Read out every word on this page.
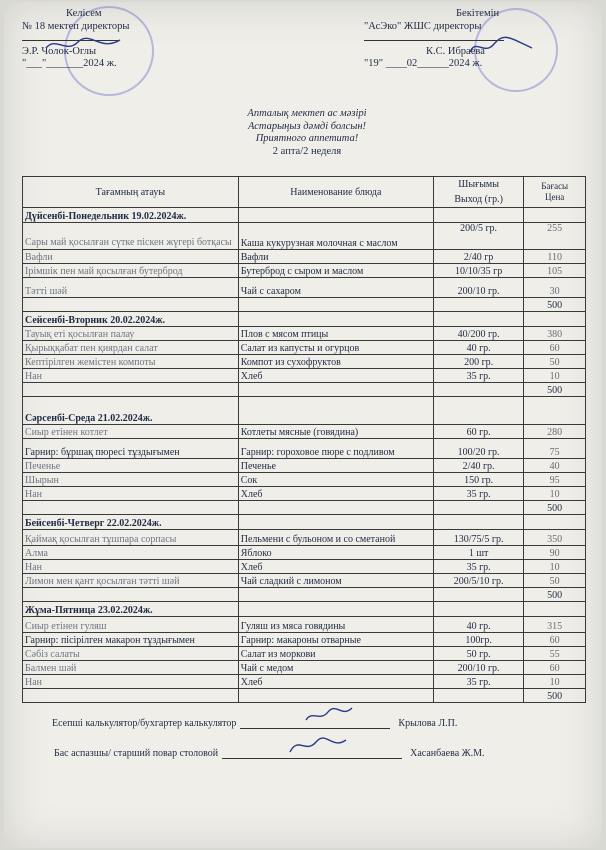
Келісем
№ 18 мектеп директоры
Э.Р. Чолок-Оглы
"___"_______2024 ж.
Бекітемін
"АсЭко" ЖШС директоры
К.С. Ибраева
"19" ____02______2024 ж.
Апталық мектеп ас мәзірі
Астарыңыз дәмді болсын!
Приятного аппетита!
2 апта/2 неделя
Тағамның атауы	Наименование блюда	Шығымы	Бағасы
Цена

		Выход (гр.)	
Дүйсенбі-Понедельник 19.02.2024ж.			
Сары май қосылған сүтке піскен жүгері ботқасы	Каша кукурузная молочная с маслом	200/5 гр.	255
Вафли	Вафли	2/40 гр	110
Ірімшік пен май қосылған бутерброд	Бутерброд с сыром и маслом	10/10/35 гр	105
Тәтті шәй	Чай с сахаром	200/10 гр.	30
			500
Сейсенбі-Вторник 20.02.2024ж.			
Тауық еті қосылған палау	Плов с мясом птицы	40/200 гр.	380
Қырыққабат пен қиярдан салат	Салат из капусты и огурцов	40 гр.	60
Кептірілген жемістен компоты	Компот из сухофруктов	200 гр.	50
Нан	Хлеб	35 гр.	10
			500
Сәрсенбі-Среда 21.02.2024ж.			
Сиыр етінен котлет	Котлеты мясные (говядина)	60 гр.	280
Гарнир: бұршақ пюресі тұздығымен	Гарнир: гороховое пюре с подливом	100/20 гр.	75
Печенье	Печенье	2/40 гр.	40
Шырын	Сок	150 гр.	95
Нан	Хлеб	35 гр.	10
			500
Бейсенбі-Четверг 22.02.2024ж.			
Қаймақ қосылған тұшпара сорпасы	Пельмени с бульоном и со сметаной	130/75/5 гр.	350
Алма	Яблоко	1 шт	90
Нан	Хлеб	35 гр.	10
Лимон мен қант қосылған тәтті шәй	Чай сладкий с лимоном	200/5/10 гр.	50
			500
Жұма-Пятница 23.02.2024ж.			
Сиыр етінен гуляш	Гуляш из мяса говядины	40 гр.	315
Гарнир: пісірілген макарон тұздығымен	Гарнир: макароны отварные	100гр.	60
Сәбіз салаты	Салат из моркови	50 гр.	55
Балмен шәй	Чай с медом	200/10 гр.	60
Нан	Хлеб	35 гр.	10
			500
Есепші калькулятор/бухгартер калькулятор	Крылова Л.П.
Бас аспазшы/ старший повар столовой	Хасанбаева Ж.М.
